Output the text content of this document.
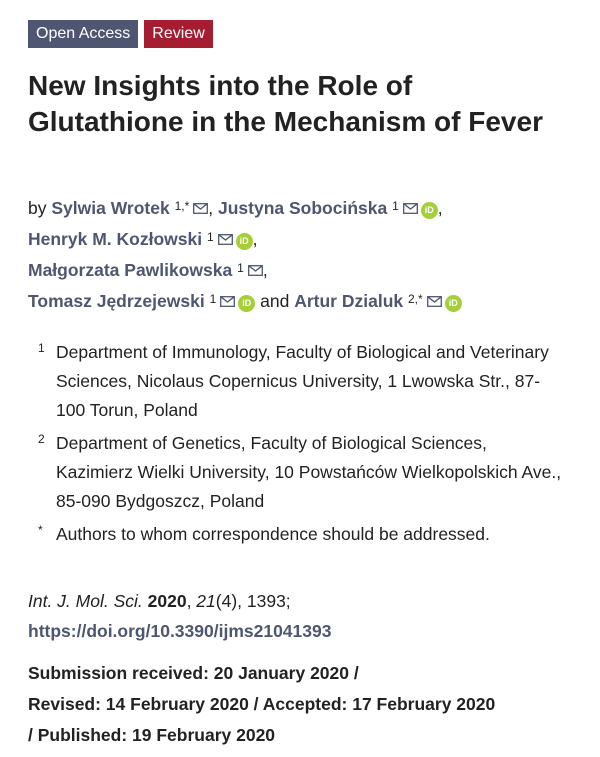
Open Access	Review
New Insights into the Role of Glutathione in the Mechanism of Fever
by Sylwia Wrotek $^{1,*}$ , Justyna Sobocińska $^1$	iD ,
Henryk M. Kozłowski $^1$	iD ,
Małgorzata Pawlikowska $^1$ ,
Tomasz Jędrzejewski $^1$	iD and Artur Dzialuk $^{2,*}$	iD
1 Department of Immunology, Faculty of Biological and Veterinary Sciences, Nicolaus Copernicus University, 1 Lwowska Str., 87-100 Torun, Poland
2 Department of Genetics, Faculty of Biological Sciences, Kazimierz Wielki University, 10 Powstańców Wielkopolskich Ave., 85-090 Bydgoszcz, Poland
* Authors to whom correspondence should be addressed.
Int. J. Mol. Sci. 2020, 21(4), 1393;
https://doi.org/10.3390/ijms21041393
Submission received: 20 January 2020 /
Revised: 14 February 2020 / Accepted: 17 February 2020
/ Published: 19 February 2020
